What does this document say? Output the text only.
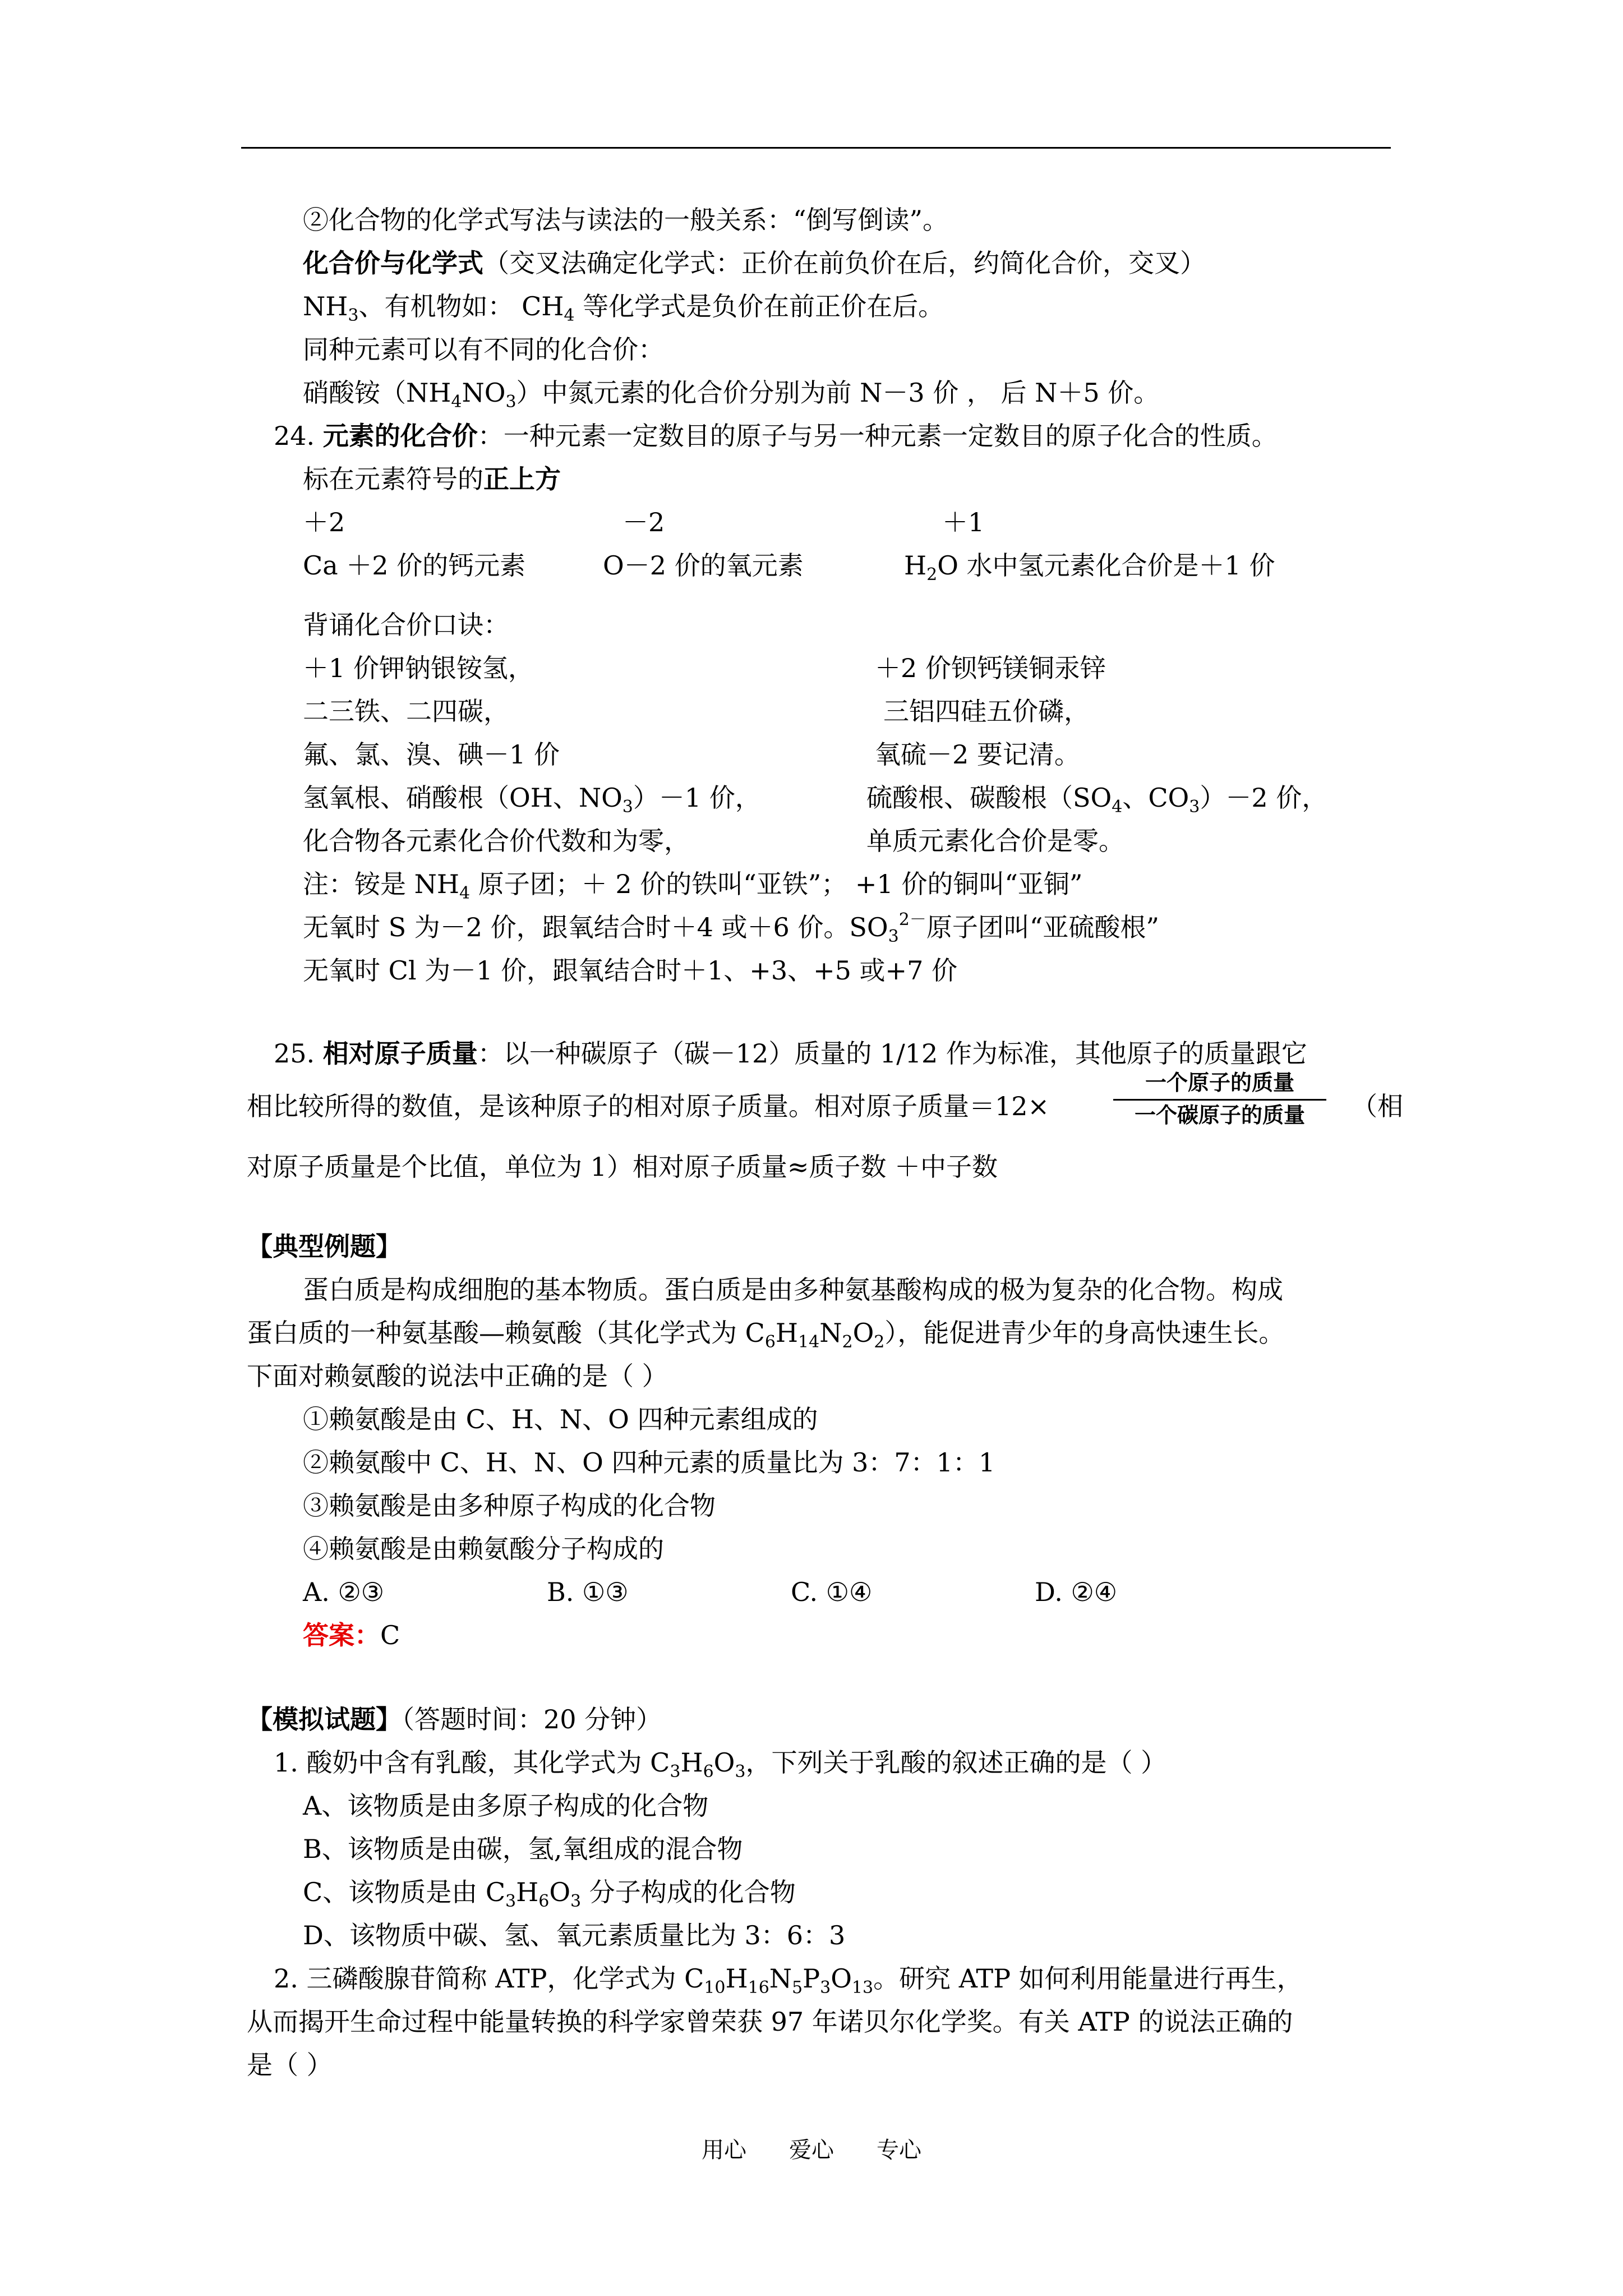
②化合物的化学式写法与读法的一般关系：“倒写倒读”。
化合价与化学式（交叉法确定化学式：正价在前负价在后，约简化合价，交叉）
$NH_3$、有机物如： $CH_4$ 等化学式是负价在前正价在后。
同种元素可以有不同的化合价：
硝酸铵$(NH_4NO_3)$中氮元素的化合价分别为前 N－3 价 ， 后 N＋5 价。
24. 元素的化合价：一种元素一定数目的原子与另一种元素一定数目的原子化合的性质。
标在元素符号的正上方
＋2	－2	＋1
Ca ＋2 价的钙元素	O－2 价的氧元素	$H_2O$ 水中氢元素化合价是＋1 价
背诵化合价口诀：
＋1 价钾钠银铵氢，	＋2 价钡钙镁铜汞锌
二三铁、二四碳，	三铝四硅五价磷，
氟、氯、溴、碘－1 价	氧硫－2 要记清。
氢氧根、硝酸根（OH、$NO_3)-1$ 价，	硫酸根、碳酸根（$SO_4$、$CO_3)-2$ 价，
化合物各元素化合价代数和为零，	单质元素化合价是零。
注：铵是 $NH_4$ 原子团；＋ 2 价的铁叫“亚铁”； +1 价的铜叫“亚铜”
无氧时 S 为－2 价，跟氧结合时＋4 或＋6 价。$SO_3^{2-}$原子团叫“亚硫酸根”
无氧时 Cl 为－1 价，跟氧结合时＋1、+3、+5 或+7 价
25. 相对原子质量：以一种碳原子（碳－12）质量的 1/12 作为标准，其他原子的质量跟它
相比较所得的数值，是该种原子的相对原子质量。相对原子质量＝12×
一个原子的质量
一个碳原子的质量	（相
对原子质量是个比值，单位为 1）相对原子质量≈质子数 ＋中子数
【典型例题】
蛋白质是构成细胞的基本物质。蛋白质是由多种氨基酸构成的极为复杂的化合物。构成
蛋白质的一种氨基酸—赖氨酸（其化学式为 $C_6H_{14}N_2O_2$），能促进青少年的身高快速生长。
下面对赖氨酸的说法中正确的是（ ）
①赖氨酸是由 C、H、N、O 四种元素组成的
②赖氨酸中 C、H、N、O 四种元素的质量比为 3：7：1：1
③赖氨酸是由多种原子构成的化合物
④赖氨酸是由赖氨酸分子构成的
A. ②③	B. ①③	C. ①④	D. ②④
答案：C
【模拟试题】（答题时间：20 分钟）
1. 酸奶中含有乳酸，其化学式为 $C_3H_6O_3$，下列关于乳酸的叙述正确的是（ ）
A、该物质是由多原子构成的化合物
B、该物质是由碳，氢,氧组成的混合物
C、该物质是由 $C_3H_6O_3$ 分子构成的化合物
D、该物质中碳、氢、氧元素质量比为 3：6：3
2. 三磷酸腺苷简称 ATP，化学式为 $C_{10}H_{16}N_5P_3O_{13}$。研究 ATP 如何利用能量进行再生，
从而揭开生命过程中能量转换的科学家曾荣获 97 年诺贝尔化学奖。有关 ATP 的说法正确的
是（ ）
用心 爱心 专心
